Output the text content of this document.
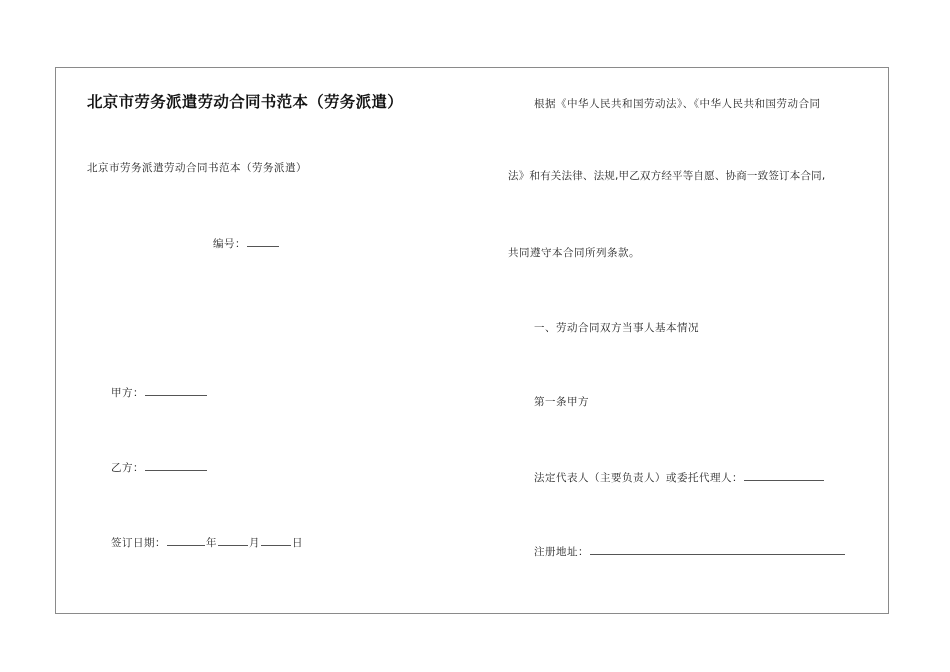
北京市劳务派遣劳动合同书范本（劳务派遣）
北京市劳务派遣劳动合同书范本（劳务派遣）
编号：
甲方：
乙方：
签订日期：	年	月	日
根据《中华人民共和国劳动法》、《中华人民共和国劳动合同
法》和有关法律、法规,甲乙双方经平等自愿、协商一致签订本合同,
共同遵守本合同所列条款。
一、劳动合同双方当事人基本情况
第一条甲方
法定代表人（主要负责人）或委托代理人：
注册地址：
